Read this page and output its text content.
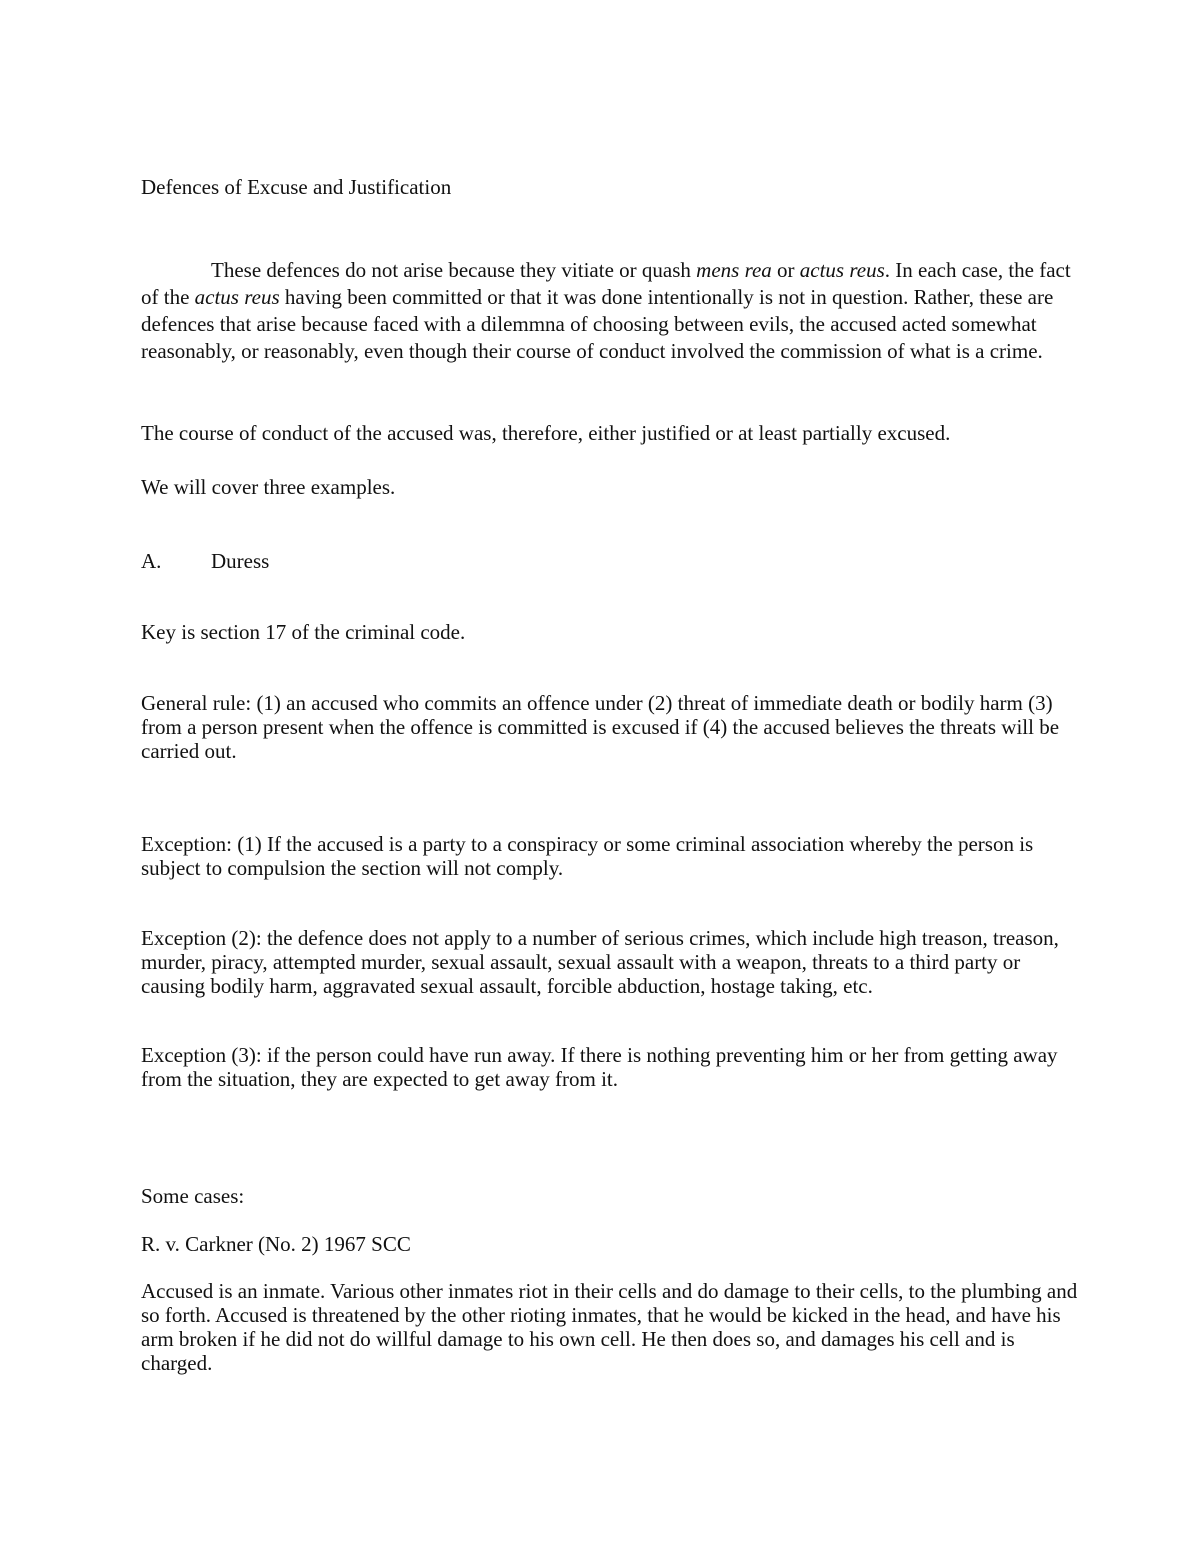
Defences of Excuse and Justification

These defences do not arise because they vitiate or quash mens rea or actus reus. In each case, the fact of the actus reus having been committed or that it was done intentionally is not in question. Rather, these are defences that arise because faced with a dilemmna of choosing between evils, the accused acted somewhat reasonably, or reasonably, even though their course of conduct involved the commission of what is a crime.

The course of conduct of the accused was, therefore, either justified or at least partially excused.

We will cover three examples.

A. Duress

Key is section 17 of the criminal code.

General rule: (1) an accused who commits an offence under (2) threat of immediate death or bodily harm (3) from a person present when the offence is committed is excused if (4) the accused believes the threats will be carried out.

Exception: (1) If the accused is a party to a conspiracy or some criminal association whereby the person is subject to compulsion the section will not comply.

Exception (2): the defence does not apply to a number of serious crimes, which include high treason, treason, murder, piracy, attempted murder, sexual assault, sexual assault with a weapon, threats to a third party or causing bodily harm, aggravated sexual assault, forcible abduction, hostage taking, etc.

Exception (3): if the person could have run away. If there is nothing preventing him or her from getting away from the situation, they are expected to get away from it.

Some cases:

R. v. Carkner (No. 2) 1967 SCC

Accused is an inmate. Various other inmates riot in their cells and do damage to their cells, to the plumbing and so forth. Accused is threatened by the other rioting inmates, that he would be kicked in the head, and have his arm broken if he did not do willful damage to his own cell. He then does so, and damages his cell and is charged.
